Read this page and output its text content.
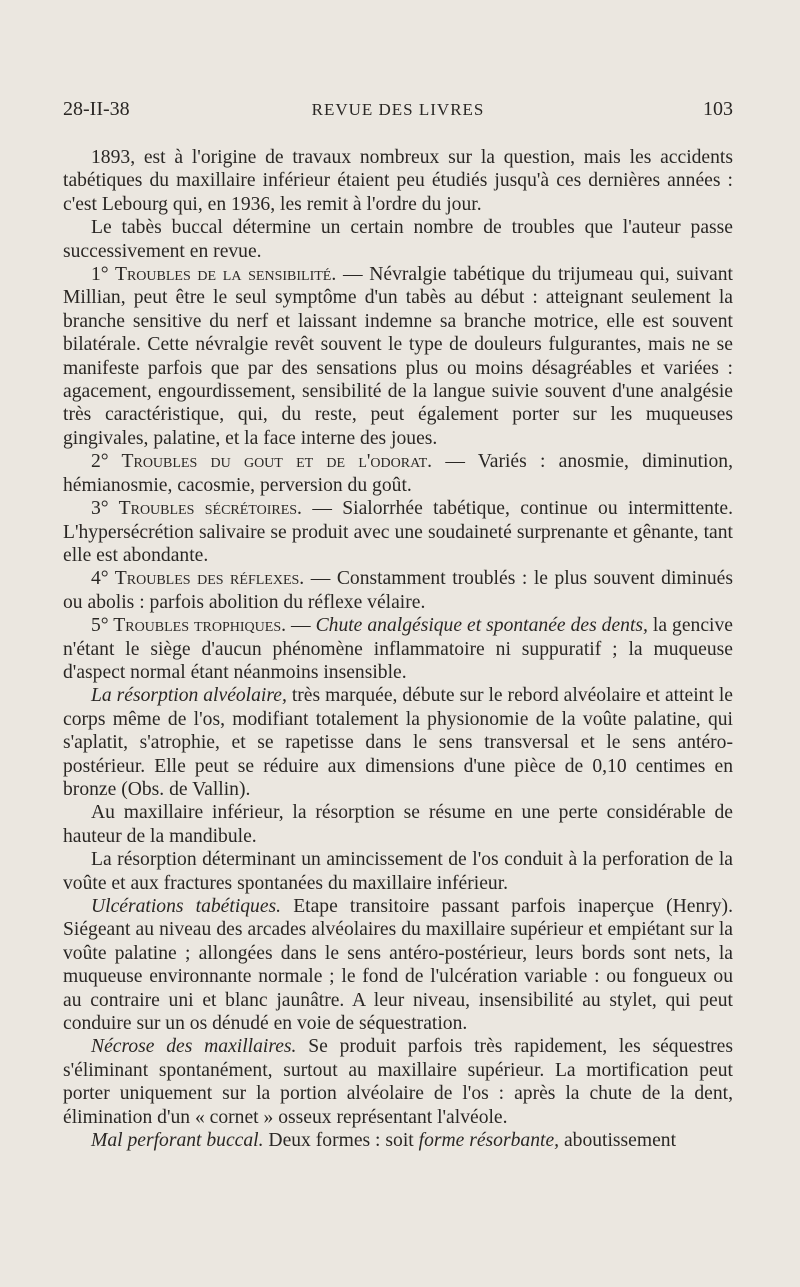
28-II-38	REVUE DES LIVRES	103

1893, est à l'origine de travaux nombreux sur la question, mais les accidents tabétiques du maxillaire inférieur étaient peu étudiés jusqu'à ces dernières années : c'est Lebourg qui, en 1936, les remit à l'ordre du jour.

Le tabès buccal détermine un certain nombre de troubles que l'auteur passe successivement en revue.

1° Troubles de la sensibilité. — Névralgie tabétique du trijumeau qui, suivant Millian, peut être le seul symptôme d'un tabès au début : atteignant seulement la branche sensitive du nerf et laissant indemne sa branche motrice, elle est souvent bilatérale. Cette névralgie revêt souvent le type de douleurs fulgurantes, mais ne se manifeste parfois que par des sensations plus ou moins désagréables et variées : agacement, engourdissement, sensibilité de la langue suivie souvent d'une analgésie très caractéristique, qui, du reste, peut également porter sur les muqueuses gingivales, palatine, et la face interne des joues.

2° Troubles du gout et de l'odorat. — Variés : anosmie, diminution, hémianosmie, cacosmie, perversion du goût.

3° Troubles sécrétoires. — Sialorrhée tabétique, continue ou intermittente. L'hypersécrétion salivaire se produit avec une soudaineté surprenante et gênante, tant elle est abondante.

4° Troubles des réflexes. — Constamment troublés : le plus souvent diminués ou abolis : parfois abolition du réflexe vélaire.

5° Troubles trophiques. — Chute analgésique et spontanée des dents, la gencive n'étant le siège d'aucun phénomène inflammatoire ni suppuratif ; la muqueuse d'aspect normal étant néanmoins insensible.

La résorption alvéolaire, très marquée, débute sur le rebord alvéolaire et atteint le corps même de l'os, modifiant totalement la physionomie de la voûte palatine, qui s'aplatit, s'atrophie, et se rapetisse dans le sens transversal et le sens antéro-postérieur. Elle peut se réduire aux dimensions d'une pièce de 0,10 centimes en bronze (Obs. de Vallin).

Au maxillaire inférieur, la résorption se résume en une perte considérable de hauteur de la mandibule.

La résorption déterminant un amincissement de l'os conduit à la perforation de la voûte et aux fractures spontanées du maxillaire inférieur.

Ulcérations tabétiques. Etape transitoire passant parfois inaperçue (Henry). Siégeant au niveau des arcades alvéolaires du maxillaire supérieur et empiétant sur la voûte palatine ; allongées dans le sens antéro-postérieur, leurs bords sont nets, la muqueuse environnante normale ; le fond de l'ulcération variable : ou fongueux ou au contraire uni et blanc jaunâtre. A leur niveau, insensibilité au stylet, qui peut conduire sur un os dénudé en voie de séquestration.

Nécrose des maxillaires. Se produit parfois très rapidement, les séquestres s'éliminant spontanément, surtout au maxillaire supérieur. La mortification peut porter uniquement sur la portion alvéolaire de l'os : après la chute de la dent, élimination d'un « cornet » osseux représentant l'alvéole.

Mal perforant buccal. Deux formes : soit forme résorbante, aboutissement
